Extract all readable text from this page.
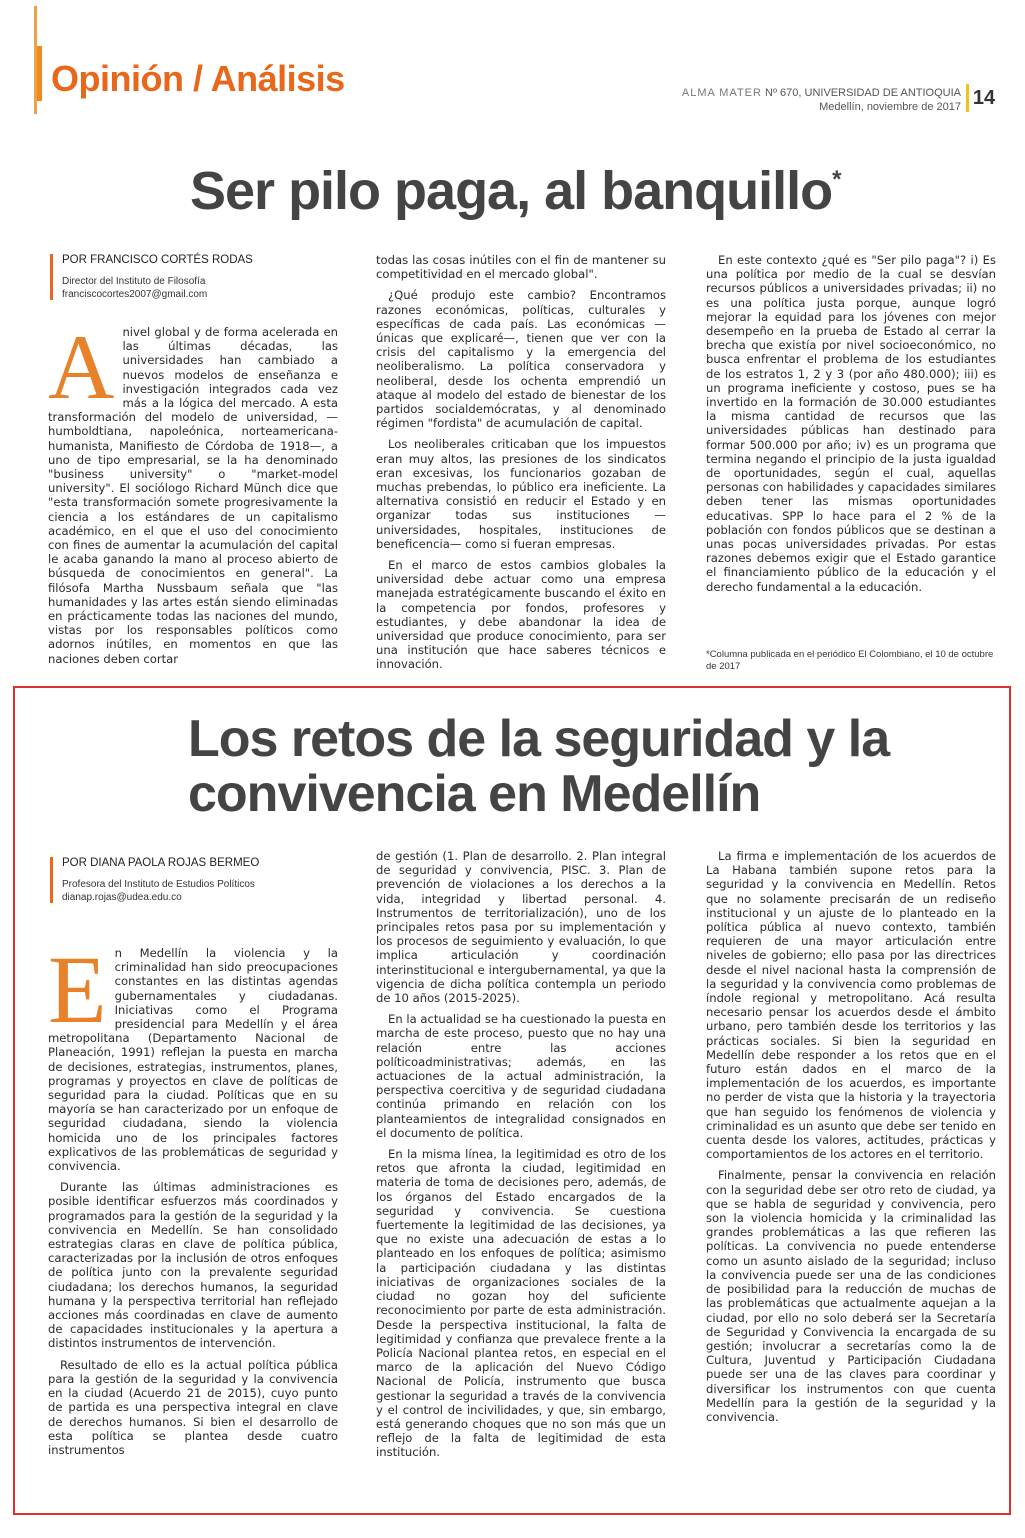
Opinión / Análisis	ALMA MATER Nº 670, UNIVERSIDAD DE ANTIOQUIA
Medellín, noviembre de 2017 14
Ser pilo paga, al banquillo*
POR FRANCISCO CORTÉS RODAS
Director del Instituto de Filosofía
franciscocortes2007@gmail.com

Anivel global y de forma acelerada en las últimas décadas, las universidades han cambiado a nuevos modelos de enseñanza e investigación integrados cada vez más a la lógica del mercado. A esta transformación del modelo de universidad, —humboldtiana, napoleónica, norteamericana-humanista, Manifiesto de Córdoba de 1918—, a uno de tipo empresarial, se la ha denominado "business university" o "market-model university". El sociólogo Richard Münch dice que "esta transformación somete progresivamente la ciencia a los estándares de un capitalismo académico, en el que el uso del conocimiento con fines de aumentar la acumulación del capital le acaba ganando la mano al proceso abierto de búsqueda de conocimientos en general". La filósofa Martha Nussbaum señala que "las humanidades y las artes están siendo eliminadas en prácticamente todas las naciones del mundo, vistas por los responsables políticos como adornos inútiles, en momentos en que las naciones deben cortar

todas las cosas inútiles con el fin de mantener su competitividad en el mercado global".

¿Qué produjo este cambio? Encontramos razones económicas, políticas, culturales y específicas de cada país. Las económicas —únicas que explicaré—, tienen que ver con la crisis del capitalismo y la emergencia del neoliberalismo. La política conservadora y neoliberal, desde los ochenta emprendió un ataque al modelo del estado de bienestar de los partidos socialdemócratas, y al denominado régimen "fordista" de acumulación de capital.

Los neoliberales criticaban que los impuestos eran muy altos, las presiones de los sindicatos eran excesivas, los funcionarios gozaban de muchas prebendas, lo público era ineficiente. La alternativa consistió en reducir el Estado y en organizar todas sus instituciones —universidades, hospitales, instituciones de beneficencia— como si fueran empresas.

En el marco de estos cambios globales la universidad debe actuar como una empresa manejada estratégicamente buscando el éxito en la competencia por fondos, profesores y estudiantes, y debe abandonar la idea de universidad que produce conocimiento, para ser una institución que hace saberes técnicos e innovación.

En este contexto ¿qué es "Ser pilo paga"? i) Es una política por medio de la cual se desvían recursos públicos a universidades privadas; ii) no es una política justa porque, aunque logró mejorar la equidad para los jóvenes con mejor desempeño en la prueba de Estado al cerrar la brecha que existía por nivel socioeconómico, no busca enfrentar el problema de los estudiantes de los estratos 1, 2 y 3 (por año 480.000); iii) es un programa ineficiente y costoso, pues se ha invertido en la formación de 30.000 estudiantes la misma cantidad de recursos que las universidades públicas han destinado para formar 500.000 por año; iv) es un programa que termina negando el principio de la justa igualdad de oportunidades, según el cual, aquellas personas con habilidades y capacidades similares deben tener las mismas oportunidades educativas. SPP lo hace para el 2 % de la población con fondos públicos que se destinan a unas pocas universidades privadas. Por estas razones debemos exigir que el Estado garantice el financiamiento público de la educación y el derecho fundamental a la educación.

*Columna publicada en el periódico El Colombiano, el 10 de octubre de 2017
Los retos de la seguridad y la convivencia en Medellín
POR DIANA PAOLA ROJAS BERMEO
Profesora del Instituto de Estudios Políticos
dianap.rojas@udea.edu.co

En Medellín la violencia y la criminalidad han sido preocupaciones constantes en las distintas agendas gubernamentales y ciudadanas. Iniciativas como el Programa presidencial para Medellín y el área metropolitana (Departamento Nacional de Planeación, 1991) reflejan la puesta en marcha de decisiones, estrategias, instrumentos, planes, programas y proyectos en clave de políticas de seguridad para la ciudad. Políticas que en su mayoría se han caracterizado por un enfoque de seguridad ciudadana, siendo la violencia homicida uno de los principales factores explicativos de las problemáticas de seguridad y convivencia.

Durante las últimas administraciones es posible identificar esfuerzos más coordinados y programados para la gestión de la seguridad y la convivencia en Medellín. Se han consolidado estrategias claras en clave de política pública, caracterizadas por la inclusión de otros enfoques de política junto con la prevalente seguridad ciudadana; los derechos humanos, la seguridad humana y la perspectiva territorial han reflejado acciones más coordinadas en clave de aumento de capacidades institucionales y la apertura a distintos instrumentos de intervención.

Resultado de ello es la actual política pública para la gestión de la seguridad y la convivencia en la ciudad (Acuerdo 21 de 2015), cuyo punto de partida es una perspectiva integral en clave de derechos humanos. Si bien el desarrollo de esta política se plantea desde cuatro instrumentos

de gestión (1. Plan de desarrollo. 2. Plan integral de seguridad y convivencia, PISC. 3. Plan de prevención de violaciones a los derechos a la vida, integridad y libertad personal. 4. Instrumentos de territorialización), uno de los principales retos pasa por su implementación y los procesos de seguimiento y evaluación, lo que implica articulación y coordinación interinstitucional e intergubernamental, ya que la vigencia de dicha política contempla un periodo de 10 años (2015-2025).

En la actualidad se ha cuestionado la puesta en marcha de este proceso, puesto que no hay una relación entre las acciones políticoadministrativas; además, en las actuaciones de la actual administración, la perspectiva coercitiva y de seguridad ciudadana continúa primando en relación con los planteamientos de integralidad consignados en el documento de política.

En la misma línea, la legitimidad es otro de los retos que afronta la ciudad, legitimidad en materia de toma de decisiones pero, además, de los órganos del Estado encargados de la seguridad y convivencia. Se cuestiona fuertemente la legitimidad de las decisiones, ya que no existe una adecuación de estas a lo planteado en los enfoques de política; asimismo la participación ciudadana y las distintas iniciativas de organizaciones sociales de la ciudad no gozan hoy del suficiente reconocimiento por parte de esta administración. Desde la perspectiva institucional, la falta de legitimidad y confianza que prevalece frente a la Policía Nacional plantea retos, en especial en el marco de la aplicación del Nuevo Código Nacional de Policía, instrumento que busca gestionar la seguridad a través de la convivencia y el control de incivilidades, y que, sin embargo, está generando choques que no son más que un reflejo de la falta de legitimidad de esta institución.

La firma e implementación de los acuerdos de La Habana también supone retos para la seguridad y la convivencia en Medellín. Retos que no solamente precisarán de un rediseño institucional y un ajuste de lo planteado en la política pública al nuevo contexto, también requieren de una mayor articulación entre niveles de gobierno; ello pasa por las directrices desde el nivel nacional hasta la comprensión de la seguridad y la convivencia como problemas de índole regional y metropolitano. Acá resulta necesario pensar los acuerdos desde el ámbito urbano, pero también desde los territorios y las prácticas sociales. Si bien la seguridad en Medellín debe responder a los retos que en el futuro están dados en el marco de la implementación de los acuerdos, es importante no perder de vista que la historia y la trayectoria que han seguido los fenómenos de violencia y criminalidad es un asunto que debe ser tenido en cuenta desde los valores, actitudes, prácticas y comportamientos de los actores en el territorio.

Finalmente, pensar la convivencia en relación con la seguridad debe ser otro reto de ciudad, ya que se habla de seguridad y convivencia, pero son la violencia homicida y la criminalidad las grandes problemáticas a las que refieren las políticas. La convivencia no puede entenderse como un asunto aislado de la seguridad; incluso la convivencia puede ser una de las condiciones de posibilidad para la reducción de muchas de las problemáticas que actualmente aquejan a la ciudad, por ello no solo deberá ser la Secretaría de Seguridad y Convivencia la encargada de su gestión; involucrar a secretarías como la de Cultura, Juventud y Participación Ciudadana puede ser una de las claves para coordinar y diversificar los instrumentos con que cuenta Medellín para la gestión de la seguridad y la convivencia.
